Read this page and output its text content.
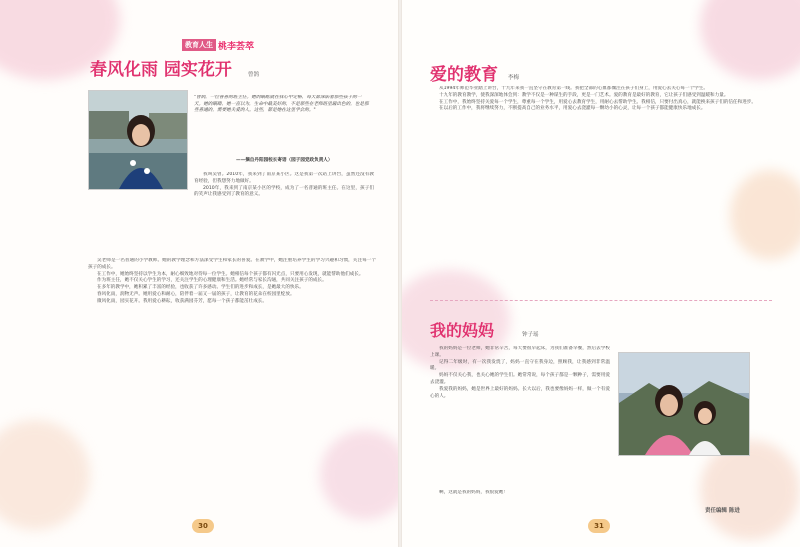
教育人生 桃李荟萃
春风化雨 园实花开	曾鹄
"曾鹄，一位普普的班主任。她的眼眶就在我心中定格，每天都深陷着那些孩子的一天。她的眼睛，她一直以为，生命中最美好的，不是那些在老师班里最出色的，也是那些普通的，需要她关爱的人。这些，都是她在这里学会的。"
——摘自丹阳园校长寄语（园子园党政负责人）

我叫吴曾。2010年，我来到了南京某小区。这是我第一次站上讲台，虽然还没有教育经验，但我想努力地做好。

2010年，我来到了南京某小区的学校，成为了一名普通的班主任。在这里，孩子们的笑声让我感受到了教育的意义。

吴老师是一名普通的小学教师。她的教学理念和方法深受学生和家长的喜爱。在教学中，她注重培养学生的学习兴趣和习惯，关注每一个孩子的成长。

在工作中，她始终坚持以学生为本，耐心细致地对待每一位学生。她相信每个孩子都有闪光点，只要用心发现，就能帮助他们成长。

作为班主任，她不仅关心学生的学习，还关注学生的心理健康和生活。她经常与家长沟通，共同关注孩子的成长。

在多年的教学中，她积累了丰富的经验，也收获了许多感动。学生们的进步和成长，是她最大的快乐。

春风化雨，润物无声。她用爱心和耐心，陪伴着一届又一届的孩子，让教育的花朵在校园里绽放。

微风化雨，园实花开。我用爱心耕耘，收获满园芬芳，愿每一个孩子都能茁壮成长。

30
爱的教育 李梅

从1994年师范毕业踏上讲台，十九年来我一直坚守在教育第一线。我把全部的心血都倾注在孩子们身上，用爱心去关心每一个学生。

十九年的教育教学，使我深深地体会到：教学不仅是一种谋生的手段，更是一门艺术。爱的教育是最好的教育，它让孩子们感受到温暖和力量。

在工作中，我始终坚持关爱每一个学生，尊重每一个学生，用爱心去教育学生，用耐心去帮助学生。我相信，只要付出真心，就能换来孩子们的信任和进步。

在以后的工作中，我将继续努力，不断提高自己的业务水平，用爱心去浇灌每一颗幼小的心灵，让每一个孩子都能健康快乐地成长。

我的妈妈	钟子瑶

我的妈妈是一位老师，她非常辛苦，每天要很早起床，为我们准备早餐，然后去学校上课。

记得二年级时，有一次我发烧了，妈妈一直守在我身边，照顾我，让我感到非常温暖。

妈妈不仅关心我，也关心她的学生们。她常常说，每个孩子都是一颗种子，需要用爱去浇灌。

我爱我的妈妈，她是世界上最好的妈妈。长大以后，我也要像妈妈一样，做一个有爱心的人。

啊，这就是我的妈妈，我很爱她！

责任编辑 陈进
31
